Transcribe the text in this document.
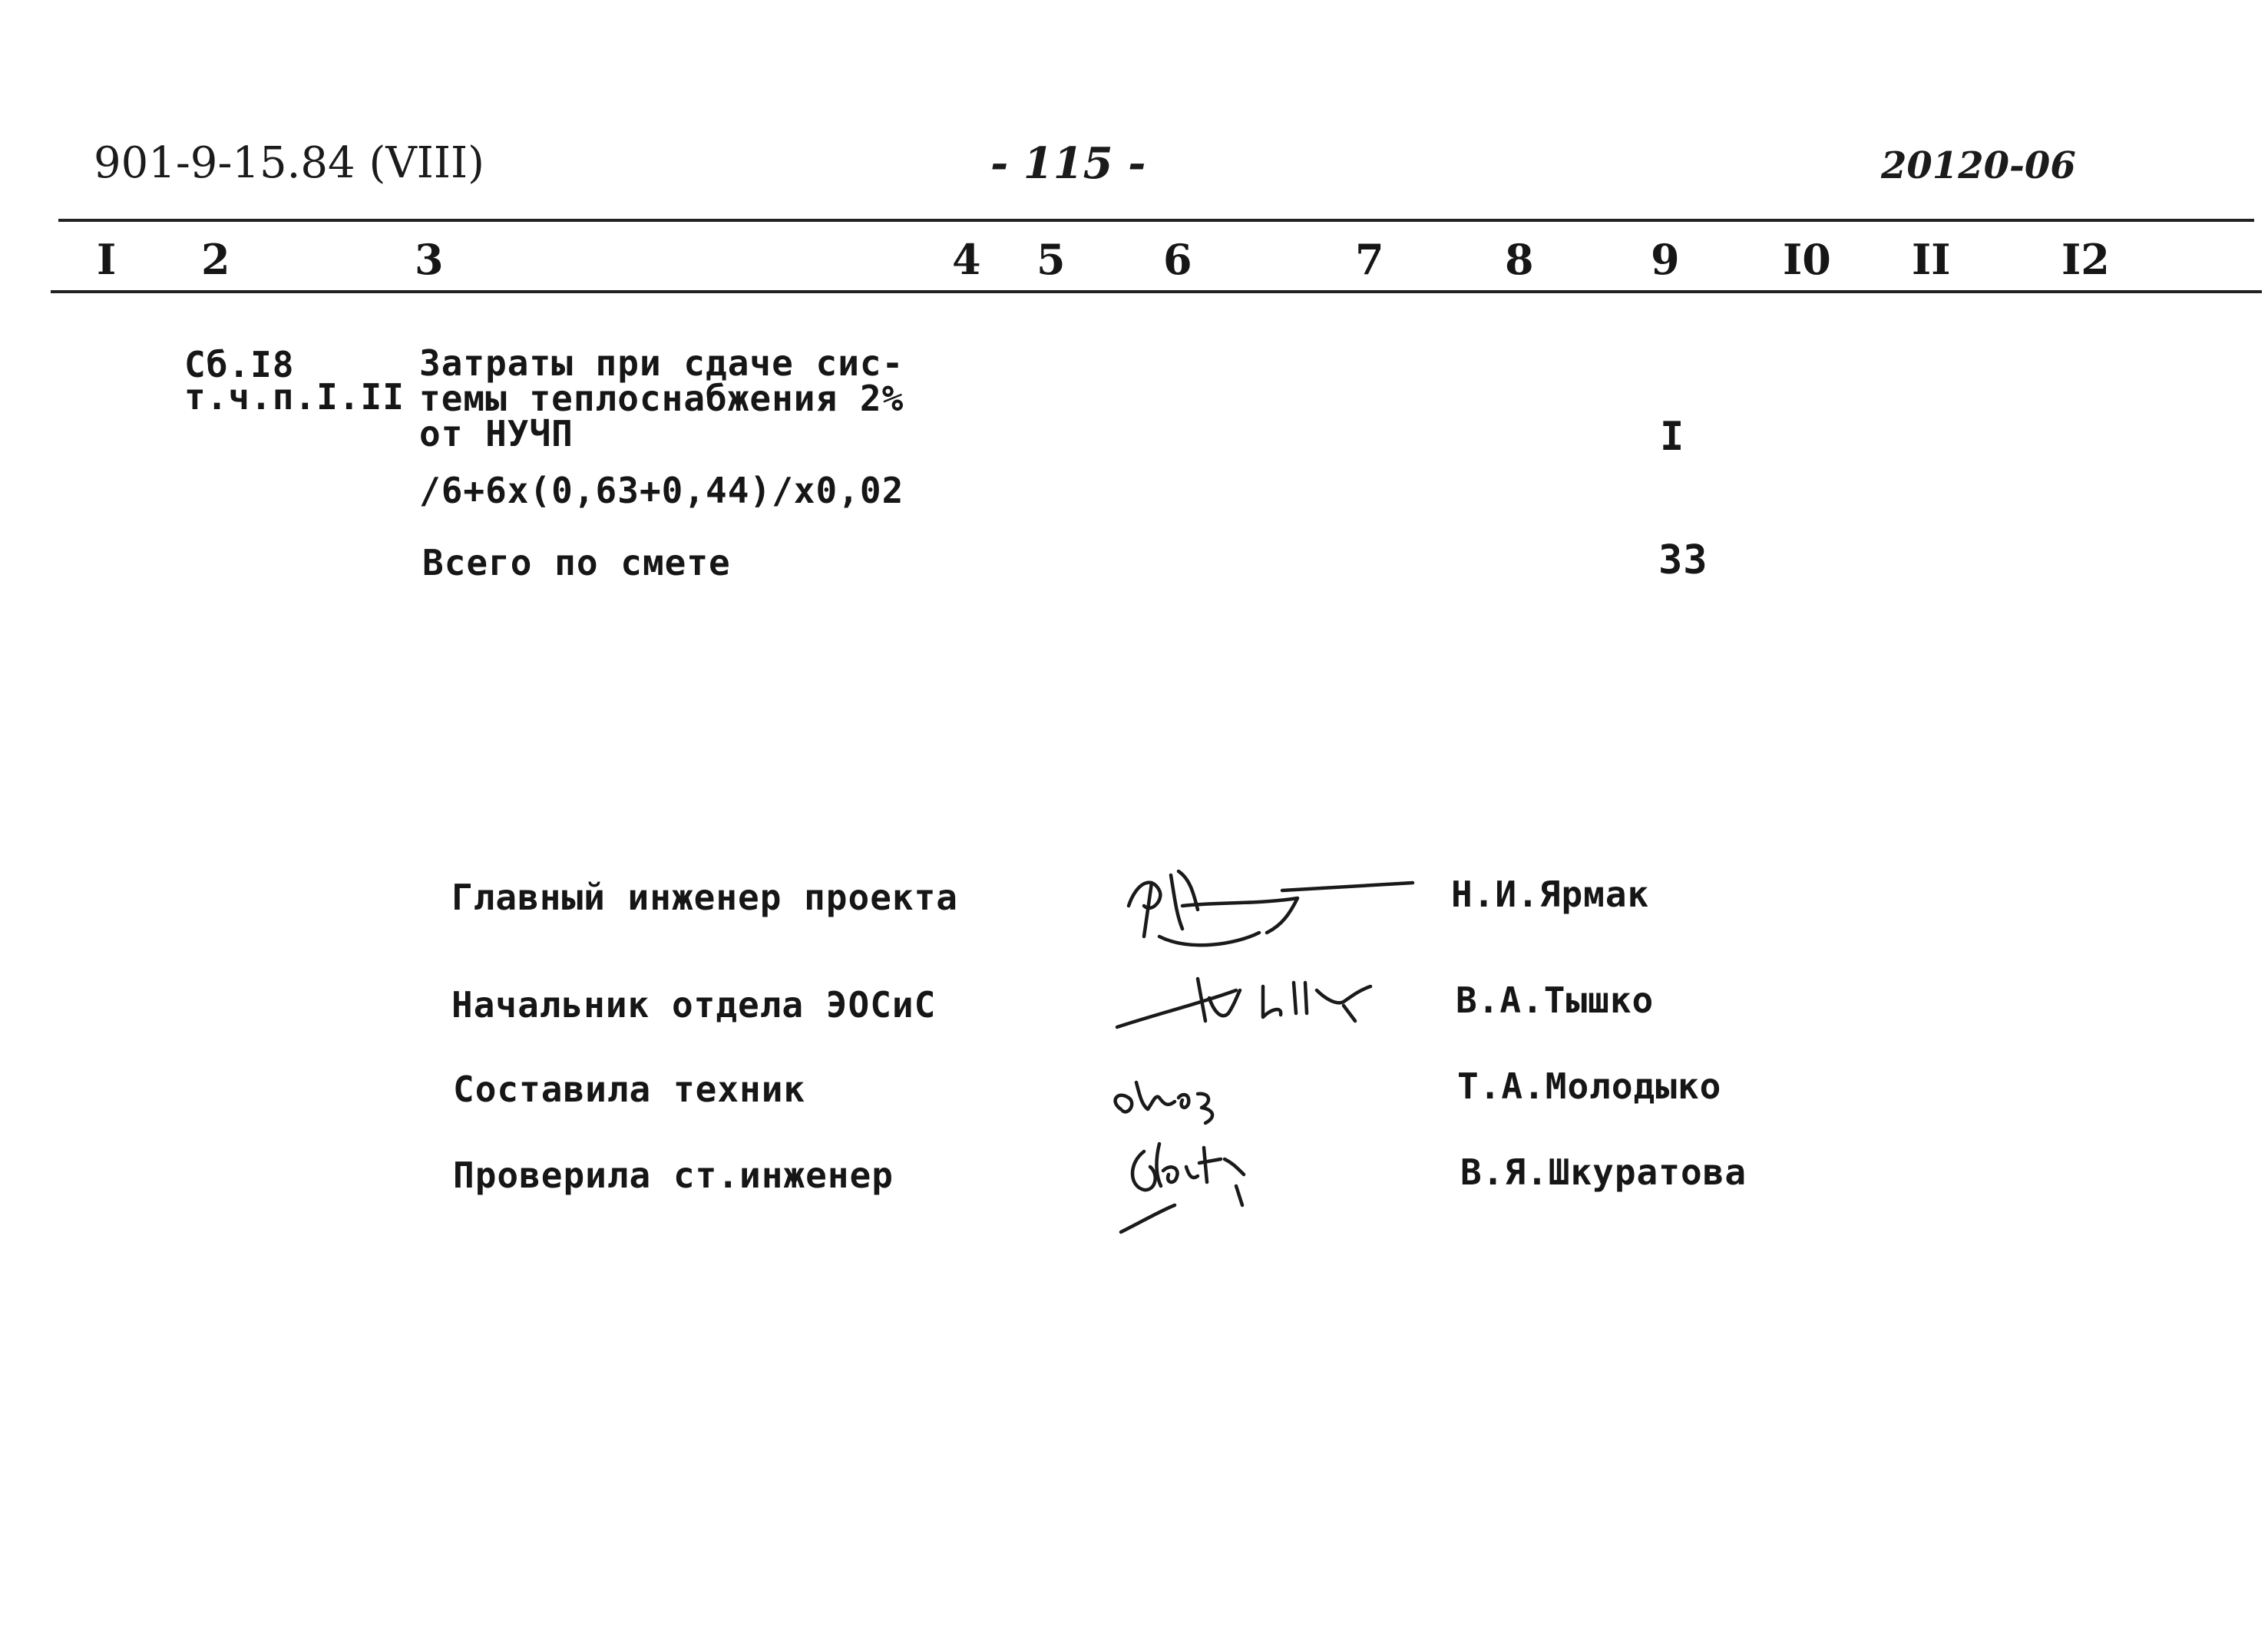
901-9-15.84 (VIII)	- 115 -	20120-06
I 2	3	4 5 6	7	8	9 I0 II	I2
Сб.I8
т.ч.п.I.II
Затраты при сдаче сис-
темы теплоснабжения 2%
от НУЧП	I
/6+6x(0,63+0,44)/x0,02
Всего по смете	33
Главный инженер проекта	Н.И.Ярмак
Начальник отдела ЭОСиС	В.А.Тышко
Составила техник	Т.А.Молодыко
Проверила ст.инженер	В.Я.Шкуратова
